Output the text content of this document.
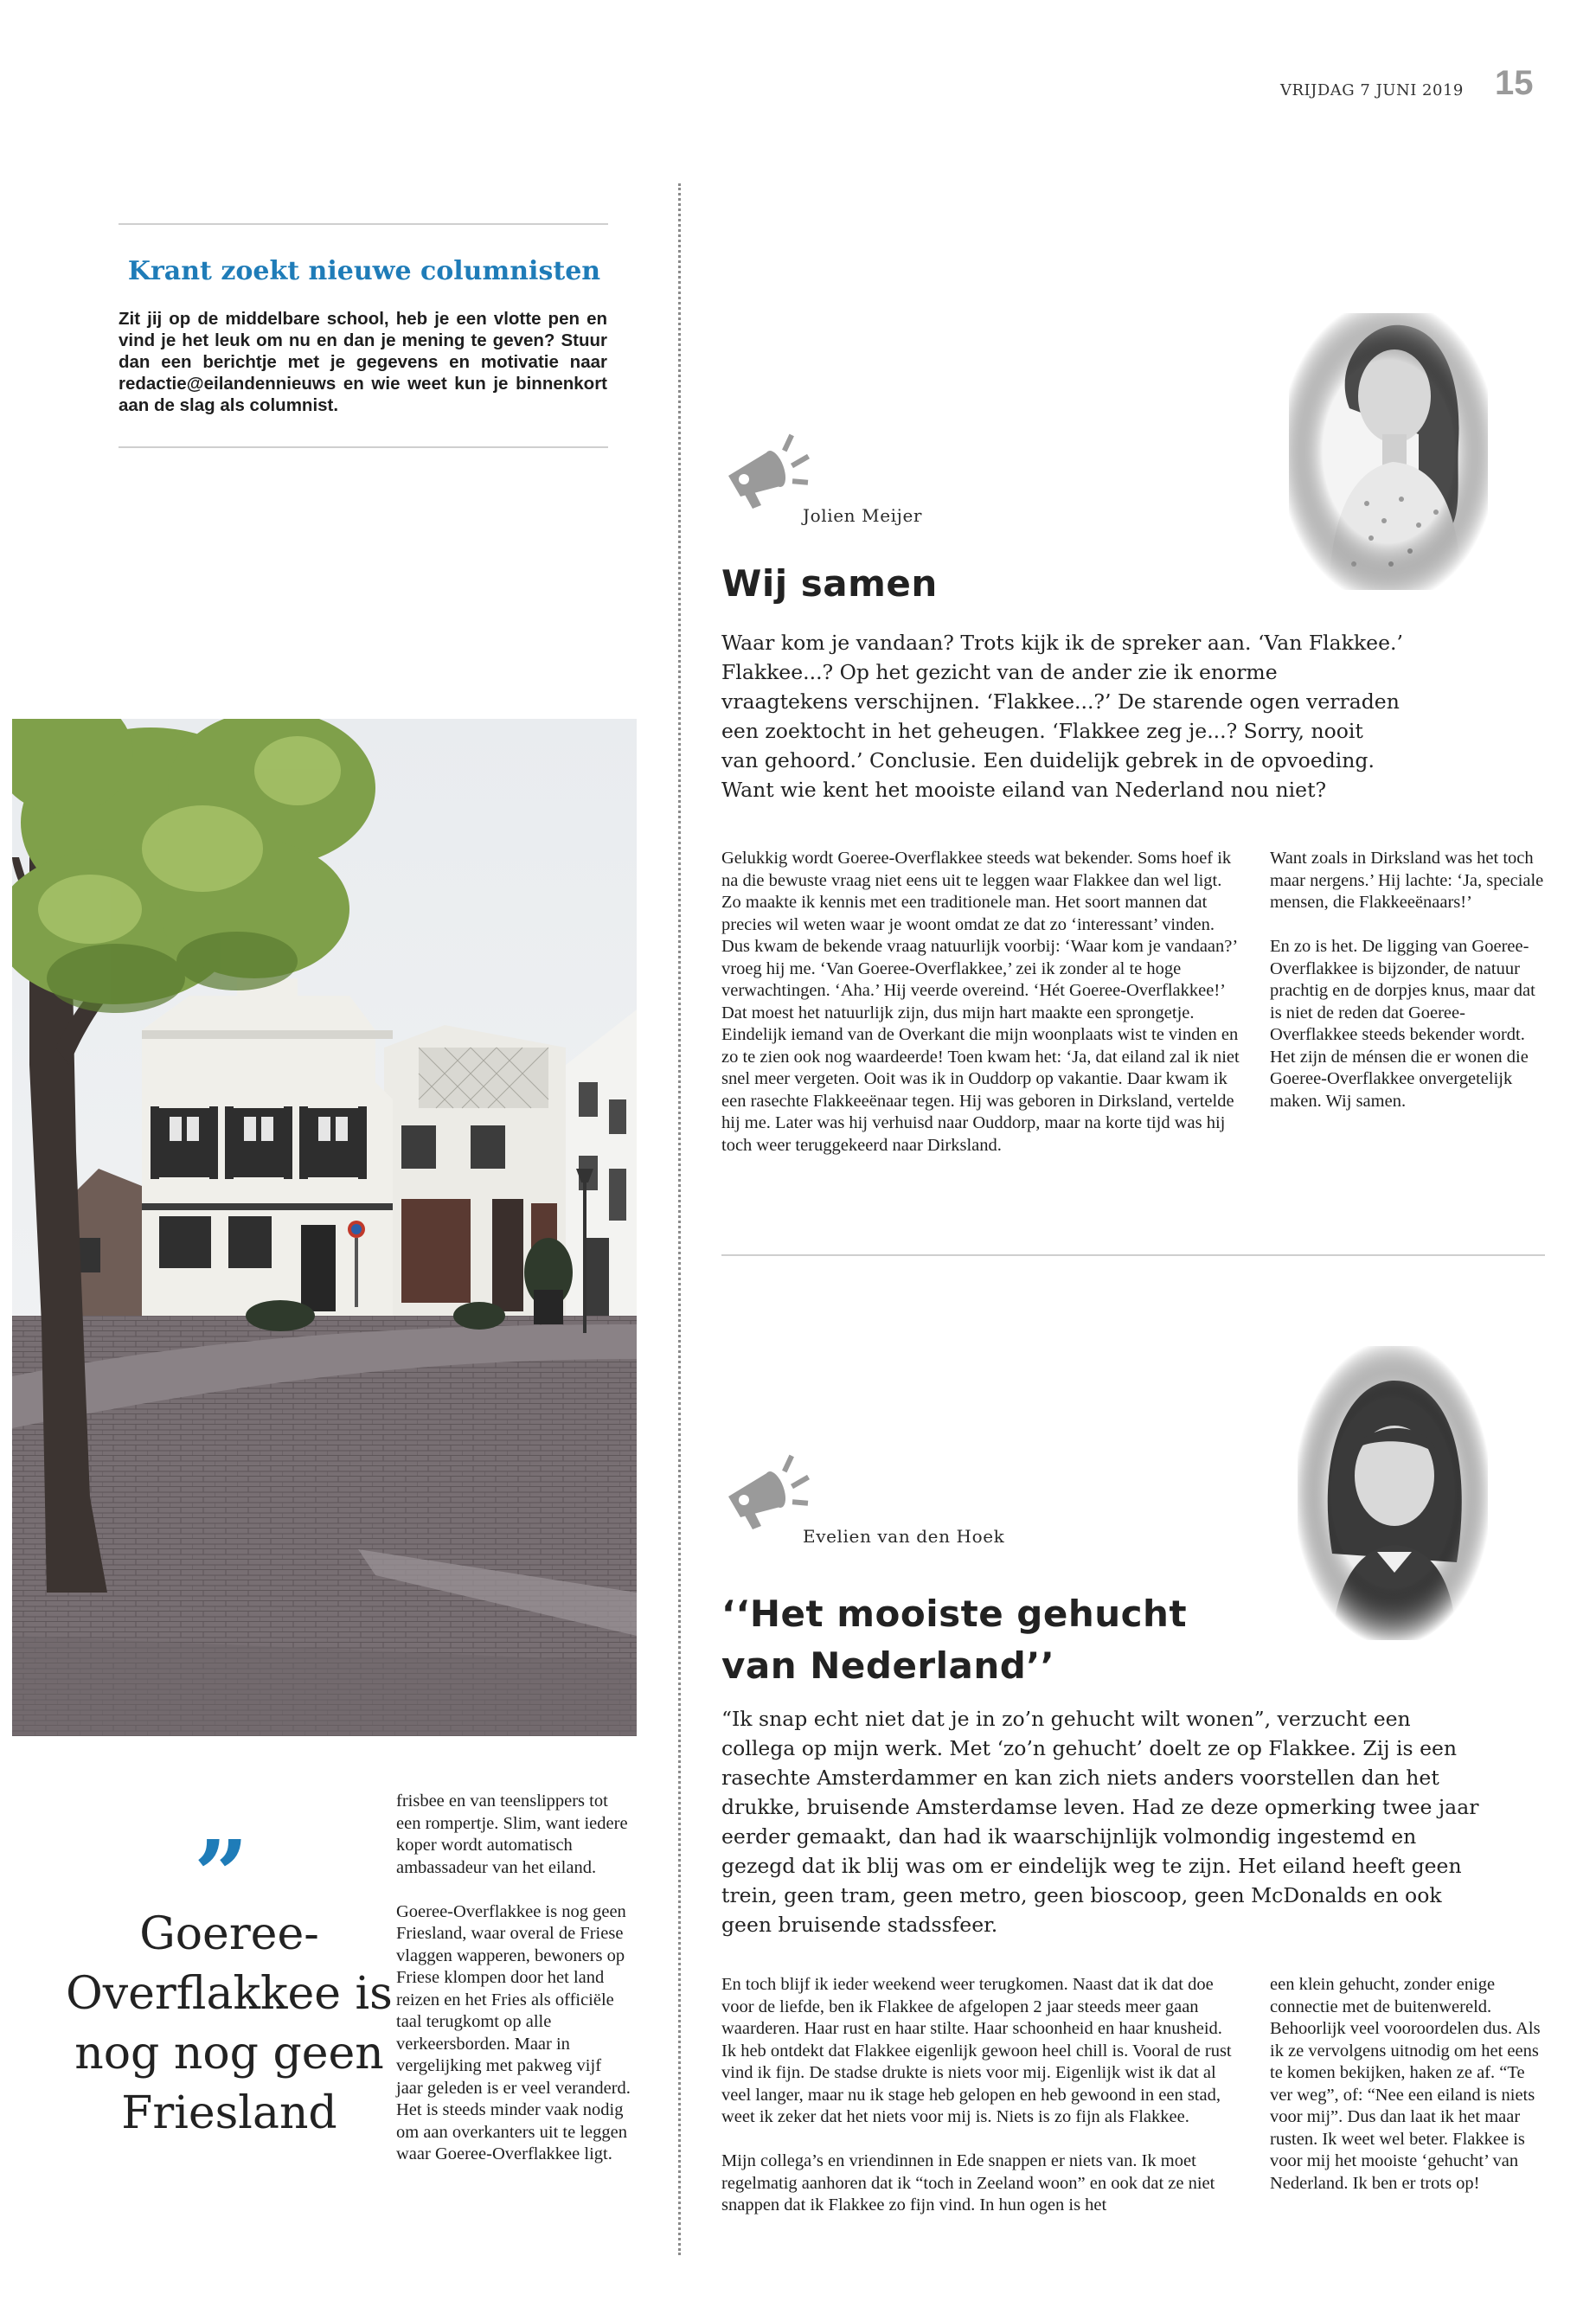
VRIJDAG 7 JUNI 2019 15
Krant zoekt nieuwe columnisten
Zit jij op de middelbare school, heb je een vlotte pen en vind je het leuk om nu en dan je mening te geven? Stuur dan een berichtje met je gegevens en motivatie naar redactie@eilandennieuws en wie weet kun je binnenkort aan de slag als columnist.
Jolien Meijer
Wij samen
Waar kom je vandaan? Trots kijk ik de spreker aan. ‘Van Flakkee.’ Flakkee...? Op het gezicht van de ander zie ik enorme vraagtekens verschijnen. ‘Flakkee...?’ De starende ogen verraden een zoektocht in het geheugen. ‘Flakkee zeg je...? Sorry, nooit van gehoord.’ Conclusie. Een duidelijk gebrek in de opvoeding. Want wie kent het mooiste eiland van Nederland nou niet?

Gelukkig wordt Goeree-Overflakkee steeds wat bekender. Soms hoef ik na die bewuste vraag niet eens uit te leggen waar Flakkee dan wel ligt. Zo maakte ik kennis met een traditionele man. Het soort mannen dat precies wil weten waar je woont omdat ze dat zo ‘interessant’ vinden. Dus kwam de bekende vraag natuurlijk voorbij: ‘Waar kom je vandaan?’ vroeg hij me. ‘Van Goeree-Overflakkee,’ zei ik zonder al te hoge verwachtingen. ‘Aha.’ Hij veerde overeind. ‘Hét Goeree-Overflakkee!’ Dat moest het natuurlijk zijn, dus mijn hart maakte een sprongetje. Eindelijk iemand van de Overkant die mijn woonplaats wist te vinden en zo te zien ook nog waardeerde! Toen kwam het: ‘Ja, dat eiland zal ik niet snel meer vergeten. Ooit was ik in Ouddorp op vakantie. Daar kwam ik een rasechte Flakkeeënaar tegen. Hij was geboren in Dirksland, vertelde hij me. Later was hij verhuisd naar Ouddorp, maar na korte tijd was hij toch weer teruggekeerd naar Dirksland.

Want zoals in Dirksland was het toch maar nergens.’ Hij lachte: ‘Ja, speciale mensen, die Flakkeeënaars!’

En zo is het. De ligging van Goeree-Overflakkee is bijzonder, de natuur prachtig en de dorpjes knus, maar dat is niet de reden dat Goeree-Overflakkee steeds bekender wordt. Het zijn de ménsen die er wonen die Goeree-Overflakkee onvergetelijk maken. Wij samen.

Evelien van den Hoek
‘‘Het mooiste gehucht
van Nederland’’
“Ik snap echt niet dat je in zo’n gehucht wilt wonen”, verzucht een collega op mijn werk. Met ‘zo’n gehucht’ doelt ze op Flakkee. Zij is een rasechte Amsterdammer en kan zich niets anders voorstellen dan het drukke, bruisende Amsterdamse leven. Had ze deze opmerking twee jaar eerder gemaakt, dan had ik waarschijnlijk volmondig ingestemd en gezegd dat ik blij was om er eindelijk weg te zijn. Het eiland heeft geen trein, geen tram, geen metro, geen bioscoop, geen McDonalds en ook geen bruisende stadssfeer.

En toch blijf ik ieder weekend weer terugkomen. Naast dat ik dat doe voor de liefde, ben ik Flakkee de afgelopen 2 jaar steeds meer gaan waarderen. Haar rust en haar stilte. Haar schoonheid en haar knusheid. Ik heb ontdekt dat Flakkee eigenlijk gewoon heel chill is. Vooral de rust vind ik fijn. De stadse drukte is niets voor mij. Eigenlijk wist ik dat al veel langer, maar nu ik stage heb gelopen en heb gewoond in een stad, weet ik zeker dat het niets voor mij is. Niets is zo fijn als Flakkee.

Mijn collega’s en vriendinnen in Ede snappen er niets van. Ik moet regelmatig aanhoren dat ik “toch in Zeeland woon” en ook dat ze niet snappen dat ik Flakkee zo fijn vind. In hun ogen is het

een klein gehucht, zonder enige connectie met de buitenwereld. Behoorlijk veel vooroordelen dus. Als ik ze vervolgens uitnodig om het eens te komen bekijken, haken ze af. “Te ver weg”, of: “Nee een eiland is niets voor mij”. Dus dan laat ik het maar rusten. Ik weet wel beter. Flakkee is voor mij het mooiste ‘gehucht’ van Nederland. Ik ben er trots op!

”
Goeree-Overflakkee is nog nog geen Friesland

frisbee en van teenslippers tot een rompertje. Slim, want iedere koper wordt automatisch ambassadeur van het eiland.

Goeree-Overflakkee is nog geen Friesland, waar overal de Friese vlaggen wapperen, bewoners op Friese klompen door het land reizen en het Fries als officiële taal terugkomt op alle verkeersborden. Maar in vergelijking met pakweg vijf jaar geleden is er veel veranderd. Het is steeds minder vaak nodig om aan overkanters uit te leggen waar Goeree-Overflakkee ligt.
